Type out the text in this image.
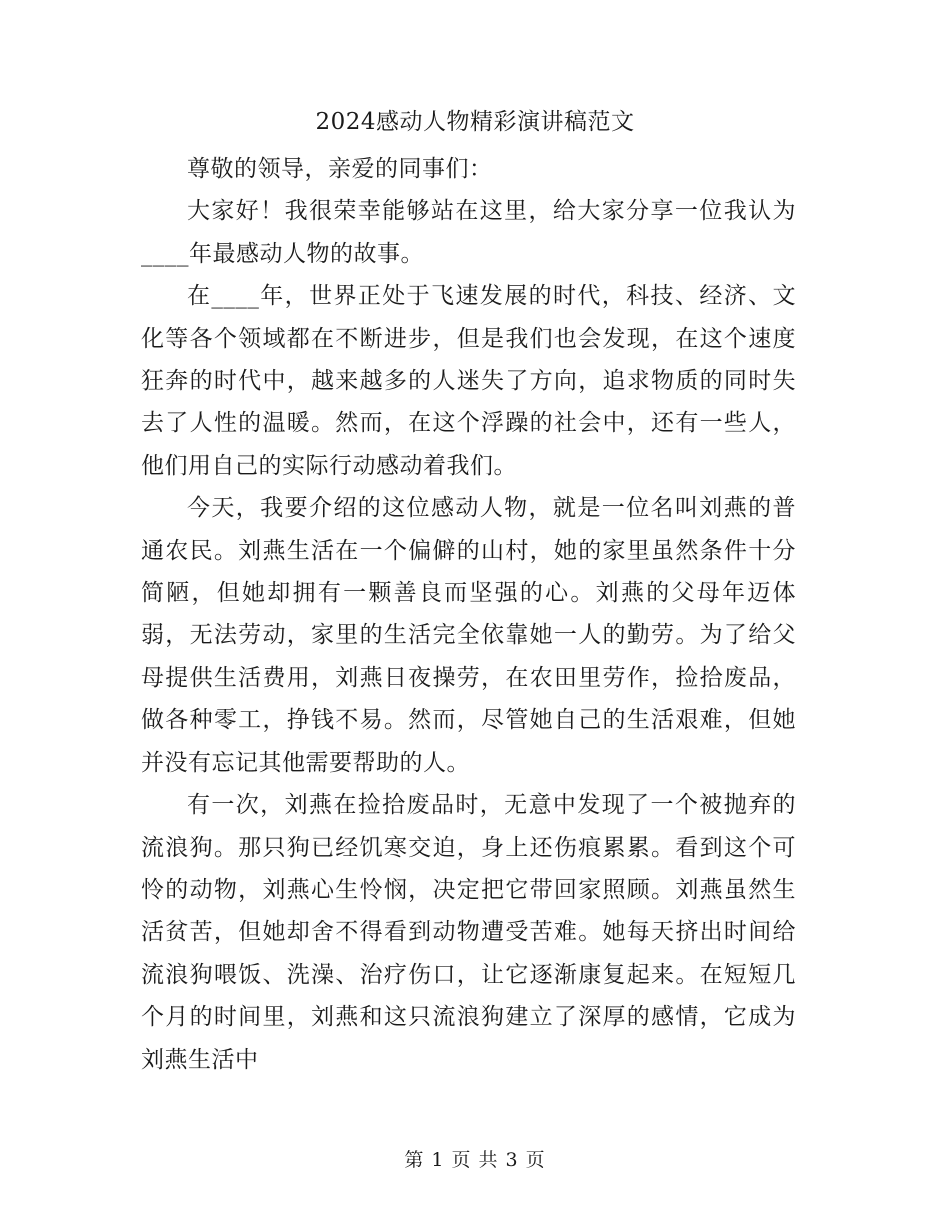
2024感动人物精彩演讲稿范文

尊敬的领导，亲爱的同事们：

大家好！我很荣幸能够站在这里，给大家分享一位我认为____年最感动人物的故事。

在____年，世界正处于飞速发展的时代，科技、经济、文化等各个领域都在不断进步，但是我们也会发现，在这个速度狂奔的时代中，越来越多的人迷失了方向，追求物质的同时失去了人性的温暖。然而，在这个浮躁的社会中，还有一些人，他们用自己的实际行动感动着我们。

今天，我要介绍的这位感动人物，就是一位名叫刘燕的普通农民。刘燕生活在一个偏僻的山村，她的家里虽然条件十分简陋，但她却拥有一颗善良而坚强的心。刘燕的父母年迈体弱，无法劳动，家里的生活完全依靠她一人的勤劳。为了给父母提供生活费用，刘燕日夜操劳，在农田里劳作，捡拾废品，做各种零工，挣钱不易。然而，尽管她自己的生活艰难，但她并没有忘记其他需要帮助的人。

有一次，刘燕在捡拾废品时，无意中发现了一个被抛弃的流浪狗。那只狗已经饥寒交迫，身上还伤痕累累。看到这个可怜的动物，刘燕心生怜悯，决定把它带回家照顾。刘燕虽然生活贫苦，但她却舍不得看到动物遭受苦难。她每天挤出时间给流浪狗喂饭、洗澡、治疗伤口，让它逐渐康复起来。在短短几个月的时间里，刘燕和这只流浪狗建立了深厚的感情，它成为刘燕生活中

第 1 页 共 3 页
